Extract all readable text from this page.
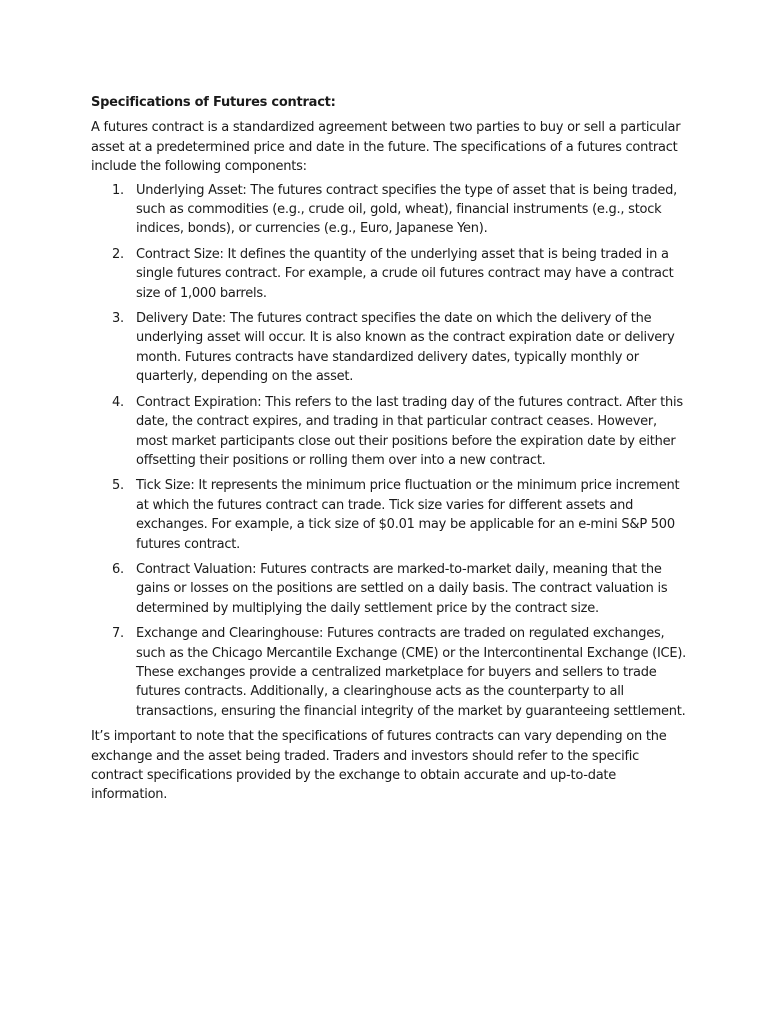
Specifications of Futures contract:

A futures contract is a standardized agreement between two parties to buy or sell a particular asset at a predetermined price and date in the future. The specifications of a futures contract include the following components:

1. Underlying Asset: The futures contract specifies the type of asset that is being traded, such as commodities (e.g., crude oil, gold, wheat), financial instruments (e.g., stock indices, bonds), or currencies (e.g., Euro, Japanese Yen).
2. Contract Size: It defines the quantity of the underlying asset that is being traded in a single futures contract. For example, a crude oil futures contract may have a contract size of 1,000 barrels.
3. Delivery Date: The futures contract specifies the date on which the delivery of the underlying asset will occur. It is also known as the contract expiration date or delivery month. Futures contracts have standardized delivery dates, typically monthly or quarterly, depending on the asset.
4. Contract Expiration: This refers to the last trading day of the futures contract. After this date, the contract expires, and trading in that particular contract ceases. However, most market participants close out their positions before the expiration date by either offsetting their positions or rolling them over into a new contract.
5. Tick Size: It represents the minimum price fluctuation or the minimum price increment at which the futures contract can trade. Tick size varies for different assets and exchanges. For example, a tick size of $0.01 may be applicable for an e-mini S&P 500 futures contract.
6. Contract Valuation: Futures contracts are marked-to-market daily, meaning that the gains or losses on the positions are settled on a daily basis. The contract valuation is determined by multiplying the daily settlement price by the contract size.
7. Exchange and Clearinghouse: Futures contracts are traded on regulated exchanges, such as the Chicago Mercantile Exchange (CME) or the Intercontinental Exchange (ICE). These exchanges provide a centralized marketplace for buyers and sellers to trade futures contracts. Additionally, a clearinghouse acts as the counterparty to all transactions, ensuring the financial integrity of the market by guaranteeing settlement.

It’s important to note that the specifications of futures contracts can vary depending on the exchange and the asset being traded. Traders and investors should refer to the specific contract specifications provided by the exchange to obtain accurate and up-to-date information.
